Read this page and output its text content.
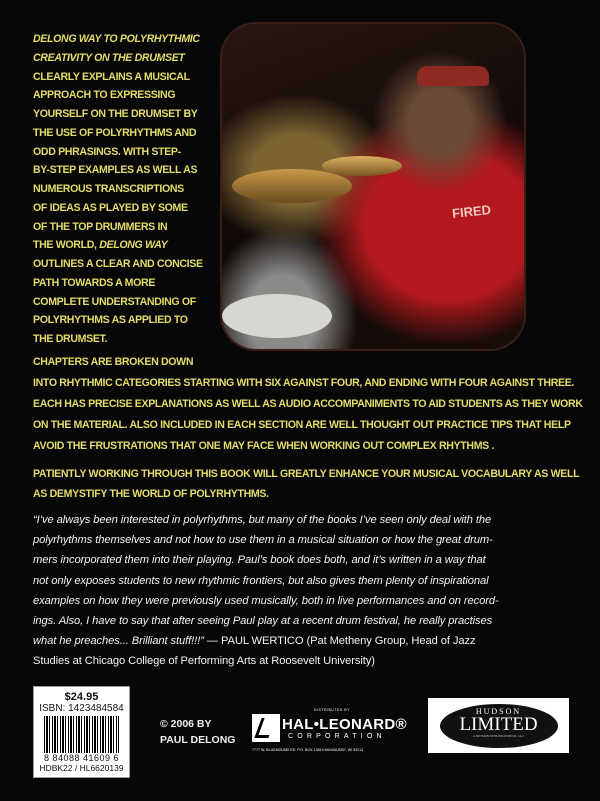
DELONG WAY TO POLYRHYTHMIC
CREATIVITY ON THE DRUMSET
CLEARLY EXPLAINS A MUSICAL
APPROACH TO EXPRESSING
YOURSELF ON THE DRUMSET BY
THE USE OF POLYRHYTHMS AND
ODD PHRASINGS. WITH STEP-
BY-STEP EXAMPLES AS WELL AS
NUMEROUS TRANSCRIPTIONS
OF IDEAS AS PLAYED BY SOME
OF THE TOP DRUMMERS IN
THE WORLD, DELONG WAY
OUTLINES A CLEAR AND CONCISE
PATH TOWARDS A MORE
COMPLETE UNDERSTANDING OF
POLYRHYTHMS AS APPLIED TO
THE DRUMSET.
FIRED
CHAPTERS ARE BROKEN DOWN
INTO RHYTHMIC CATEGORIES STARTING WITH SIX AGAINST FOUR, AND ENDING WITH FOUR AGAINST THREE.
EACH HAS PRECISE EXPLANATIONS AS WELL AS AUDIO ACCOMPANIMENTS TO AID STUDENTS AS THEY WORK
ON THE MATERIAL. ALSO INCLUDED IN EACH SECTION ARE WELL THOUGHT OUT PRACTICE TIPS THAT HELP
AVOID THE FRUSTRATIONS THAT ONE MAY FACE WHEN WORKING OUT COMPLEX RHYTHMS .
PATIENTLY WORKING THROUGH THIS BOOK WILL GREATLY ENHANCE YOUR MUSICAL VOCABULARY AS WELL
AS DEMYSTIFY THE WORLD OF POLYRHYTHMS.
“I’ve always been interested in polyrhythms, but many of the books I’ve seen only deal with the
polyrhythms themselves and not how to use them in a musical situation or how the great drum-
mers incorporated them into their playing. Paul’s book does both, and it’s written in a way that
not only exposes students to new rhythmic frontiers, but also gives them plenty of inspirational
examples on how they were previously used musically, both in live performances and on record-
ings. Also, I have to say that after seeing Paul play at a recent drum festival, he really practises
what he preaches... Brilliant stuff!!!” — PAUL WERTICO (Pat Metheny Group, Head of Jazz
Studies at Chicago College of Performing Arts at Roosevelt University)
$24.95
ISBN: 1423484584
8 84088 41609 6
HDBK22 / HL6620139
© 2006 BY
PAUL DELONG
DISTRIBUTED BY
HAL•LEONARD®
CORPORATION
7777 W. BLUEMOUND RD. P.O. BOX 13819 MILWAUKEE, WI 53213
HUDSON
LIMITED
A DIVISION OF HUDSON MUSIC, LLC
